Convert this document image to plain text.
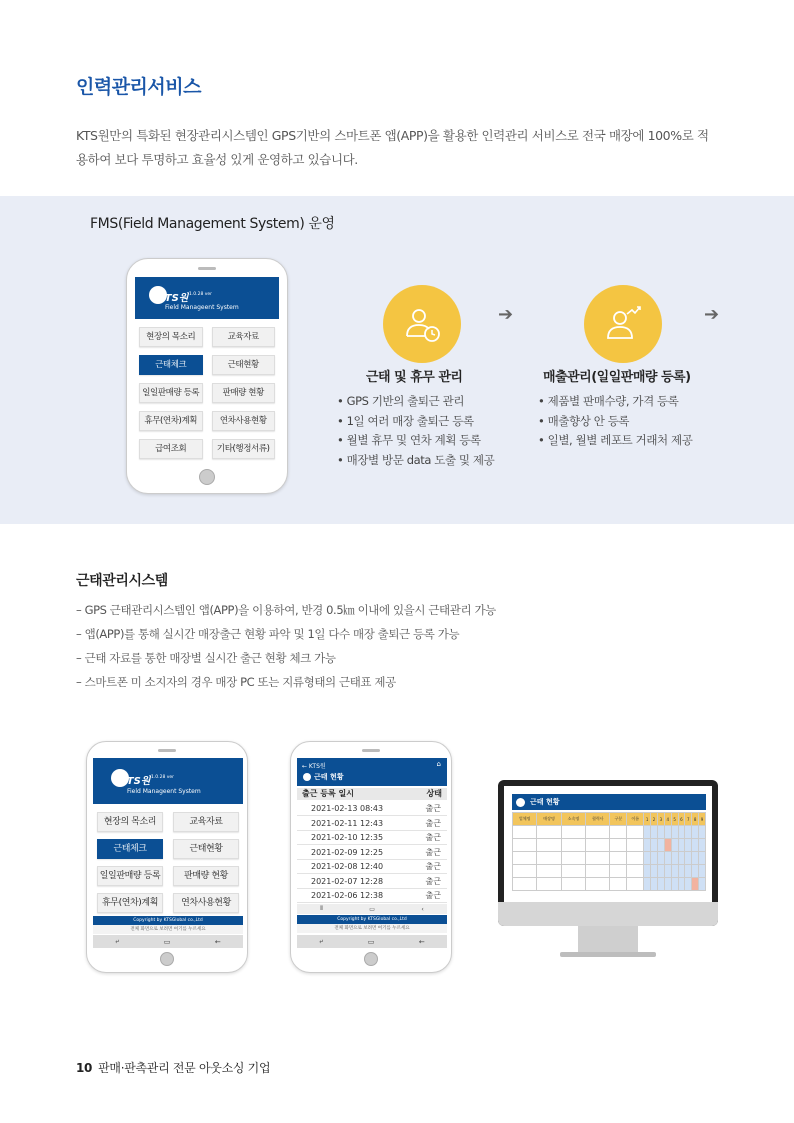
인력관리서비스
KTS원만의 특화된 현장관리시스템인 GPS기반의 스마트폰 앱(APP)을 활용한 인력관리 서비스로 전국 매장에 100%로 적용하여 보다 투명하고 효율성 있게 운영하고 있습니다.
FMS(Field Management System) 운영
KTS원 1.0.28 ver
Field Manageent System
현장의 목소리	교육자료
근태체크	근태현황
일일판매량 등록	판매량 현황
휴무(연차)계획	연차사용현황
급여조회	기타(행정서류)
➔	➔
근태 및 휴무 관리
• GPS 기반의 출퇴근 관리
• 1일 여러 매장 출퇴근 등록
• 월별 휴무 및 연차 계획 등록
• 매장별 방문 data 도출 및 제공
매출관리(일일판매량 등록)
• 제품별 판매수량, 가격 등록
• 매출향상 안 등록
• 일별, 월별 레포트 거래처 제공
근태관리시스템
– GPS 근태관리시스템인 앱(APP)을 이용하여, 반경 0.5㎞ 이내에 있을시 근태관리 가능
– 앱(APP)를 통해 실시간 매장출근 현황 파악 및 1일 다수 매장 출퇴근 등록 가능
– 근태 자료를 통한 매장별 실시간 출근 현황 체크 가능
– 스마트폰 미 소지자의 경우 매장 PC 또는 지류형태의 근태표 제공
KTS원 1.0.28 ver
Field Manageent System
현장의 목소리	교육자료
근태체크	근태현황
일일판매량 등록	판매량 현황
휴무(연차)계획	연차사용현황
Copyright by KTSGlobal co.,Ltd
전체 화면으로 보려면 여기를 누르세요
⤶	▭	←
← KTS원	⌂
근태 현황
출근 등록 일시	상태
2021-02-13 08:43	출근
2021-02-11 12:43	출근
2021-02-10 12:35	출근
2021-02-09 12:25	출근
2021-02-08 12:40	출근
2021-02-07 12:28	출근
2021-02-06 12:38	출근
⦀	▭	‹
Copyright by KTSGlobal co.,Ltd
전체 화면으로 보려면 여기를 누르세요
⤶	▭	←
근태 현황
업체명	매장명	소속명	협력사	구분	이름	1	2	3	4	5	6	7	8	9

10 판매·판촉관리 전문 아웃소싱 기업
